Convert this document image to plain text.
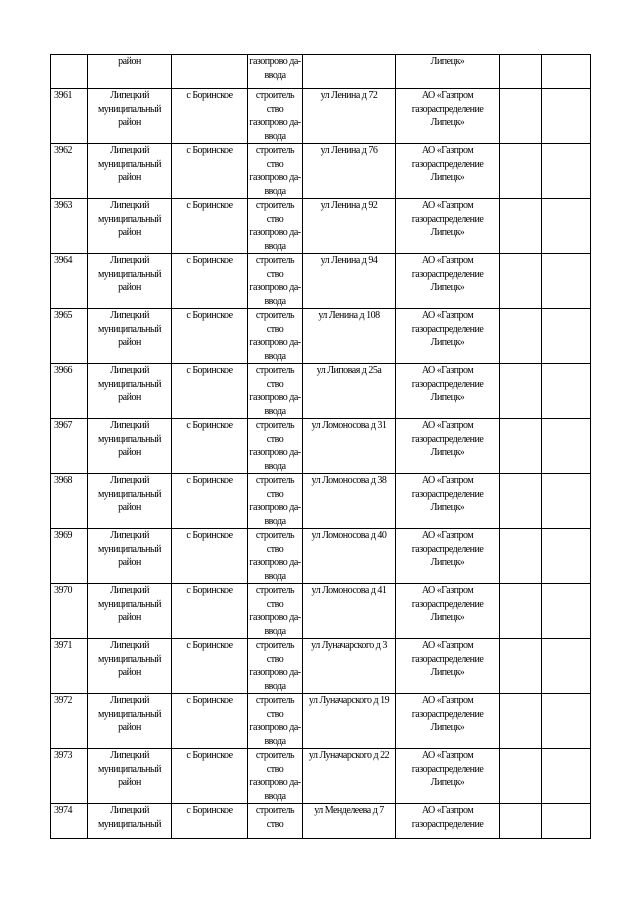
	район		газопрово да-ввода		Липецк»		
3961	Липецкий муниципальный район	с Боринское	строитель ство газопрово да-ввода	ул Ленина д 72	АО «Газпром газораспределение Липецк»		
3962	Липецкий муниципальный район	с Боринское	строитель ство газопрово да-ввода	ул Ленина д 76	АО «Газпром газораспределение Липецк»		
3963	Липецкий муниципальный район	с Боринское	строитель ство газопрово да-ввода	ул Ленина д 92	АО «Газпром газораспределение Липецк»		
3964	Липецкий муниципальный район	с Боринское	строитель ство газопрово да-ввода	ул Ленина д 94	АО «Газпром газораспределение Липецк»		
3965	Липецкий муниципальный район	с Боринское	строитель ство газопрово да-ввода	ул Ленина д 108	АО «Газпром газораспределение Липецк»		
3966	Липецкий муниципальный район	с Боринское	строитель ство газопрово да-ввода	ул Липовая д 25а	АО «Газпром газораспределение Липецк»		
3967	Липецкий муниципальный район	с Боринское	строитель ство газопрово да-ввода	ул Ломоносова д 31	АО «Газпром газораспределение Липецк»		
3968	Липецкий муниципальный район	с Боринское	строитель ство газопрово да-ввода	ул Ломоносова д 38	АО «Газпром газораспределение Липецк»		
3969	Липецкий муниципальный район	с Боринское	строитель ство газопрово да-ввода	ул Ломоносова д 40	АО «Газпром газораспределение Липецк»		
3970	Липецкий муниципальный район	с Боринское	строитель ство газопрово да-ввода	ул Ломоносова д 41	АО «Газпром газораспределение Липецк»		
3971	Липецкий муниципальный район	с Боринское	строитель ство газопрово да-ввода	ул Луначарского д 3	АО «Газпром газораспределение Липецк»		
3972	Липецкий муниципальный район	с Боринское	строитель ство газопрово да-ввода	ул Луначарского д 19	АО «Газпром газораспределение Липецк»		
3973	Липецкий муниципальный район	с Боринское	строитель ство газопрово да-ввода	ул Луначарского д 22	АО «Газпром газораспределение Липецк»		
3974	Липецкий муниципальный	с Боринское	строитель ство	ул Менделеева д 7	АО «Газпром газораспределение		
